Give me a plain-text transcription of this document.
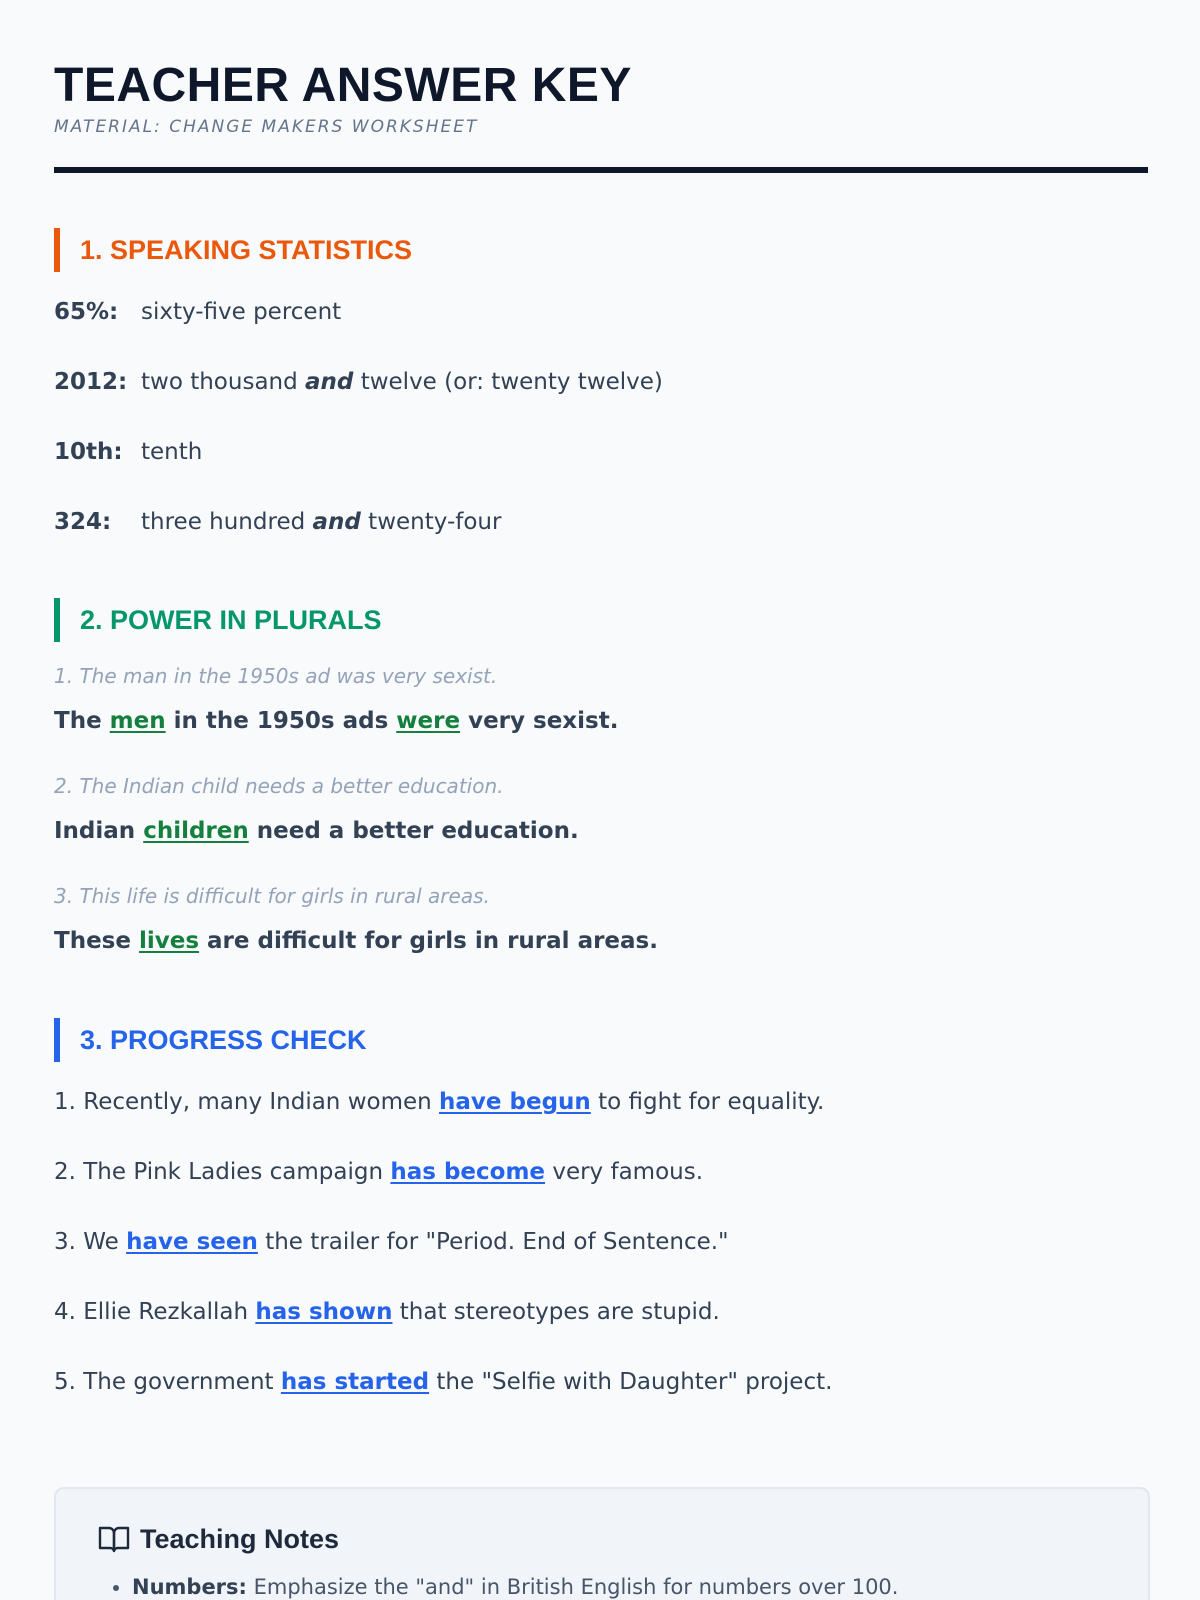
TEACHER ANSWER KEY
MATERIAL: CHANGE MAKERS WORKSHEET
1. SPEAKING STATISTICS
65%: sixty-five percent
2012: two thousand and twelve (or: twenty twelve)
10th: tenth
324: three hundred and twenty-four
2. POWER IN PLURALS
1. The man in the 1950s ad was very sexist.
The men in the 1950s ads were very sexist.
2. The Indian child needs a better education.
Indian children need a better education.
3. This life is difficult for girls in rural areas.
These lives are difficult for girls in rural areas.
3. PROGRESS CHECK
1. Recently, many Indian women have begun to fight for equality.
2. The Pink Ladies campaign has become very famous.
3. We have seen the trailer for "Period. End of Sentence."
4. Ellie Rezkallah has shown that stereotypes are stupid.
5. The government has started the "Selfie with Daughter" project.
Teaching Notes
• Numbers: Emphasize the "and" in British English for numbers over 100.
